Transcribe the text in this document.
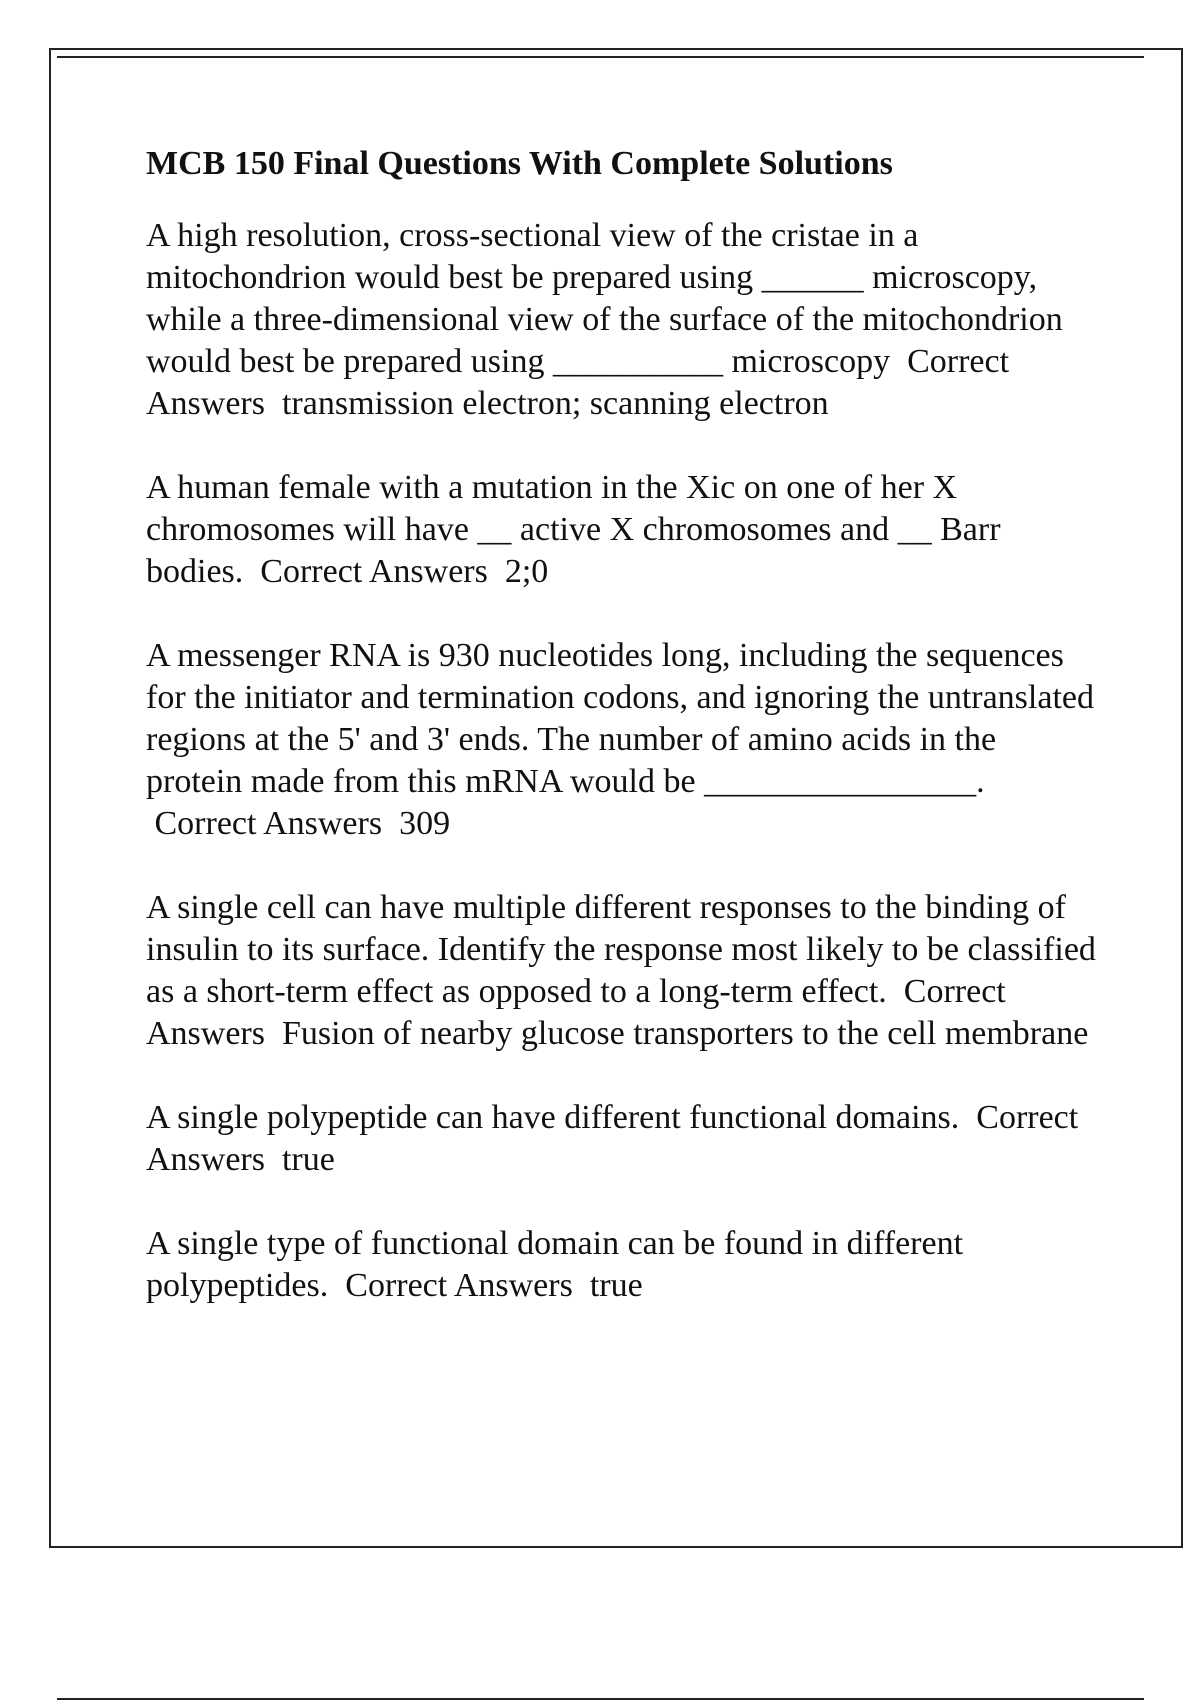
MCB 150 Final Questions With Complete Solutions
A high resolution, cross-sectional view of the cristae in a mitochondrion would best be prepared using ______ microscopy, while a three-dimensional view of the surface of the mitochondrion would best be prepared using __________ microscopy Correct Answers transmission electron; scanning electron
A human female with a mutation in the Xic on one of her X chromosomes will have __ active X chromosomes and __ Barr bodies. Correct Answers 2;0
A messenger RNA is 930 nucleotides long, including the sequences for the initiator and termination codons, and ignoring the untranslated regions at the 5' and 3' ends. The number of amino acids in the protein made from this mRNA would be ________________.  Correct Answers 309
A single cell can have multiple different responses to the binding of insulin to its surface. Identify the response most likely to be classified as a short-term effect as opposed to a long-term effect. Correct Answers Fusion of nearby glucose transporters to the cell membrane
A single polypeptide can have different functional domains. Correct Answers true
A single type of functional domain can be found in different polypeptides. Correct Answers true
